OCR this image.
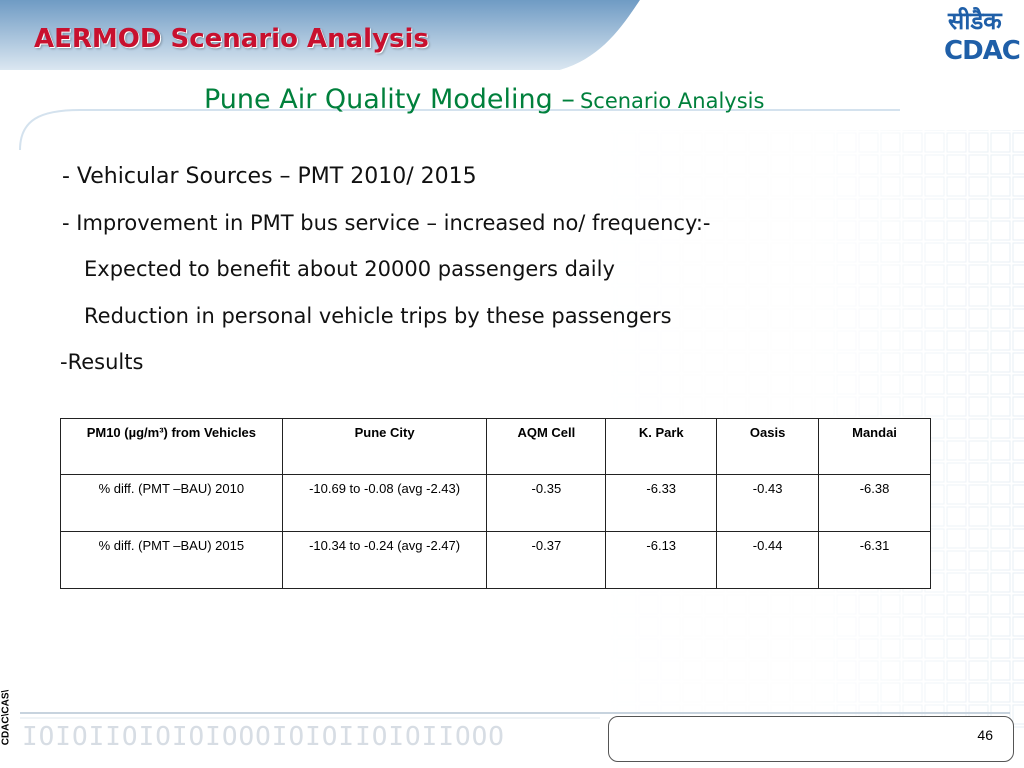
AERMOD Scenario Analysis
सीडैक
CDAC
Pune Air Quality Modeling – Scenario Analysis
- Vehicular Sources – PMT 2010/ 2015
- Improvement in PMT bus service – increased no/ frequency:-
Expected to benefit about 20000 passengers daily
Reduction in personal vehicle trips by these passengers
-Results
PM10 (µg/m³) from Vehicles	Pune City	AQM Cell	K. Park	Oasis	Mandai
% diff. (PMT –BAU) 2010	-10.69 to -0.08 (avg -2.43)	-0.35	-6.33	-0.43	-6.38
% diff. (PMT –BAU) 2015	-10.34 to -0.24 (avg -2.47)	-0.37	-6.13	-0.44	-6.31
CDAC\CAS\ IOIOIIOIOIOIOOOIOIOIIOIOIIOOO	46
